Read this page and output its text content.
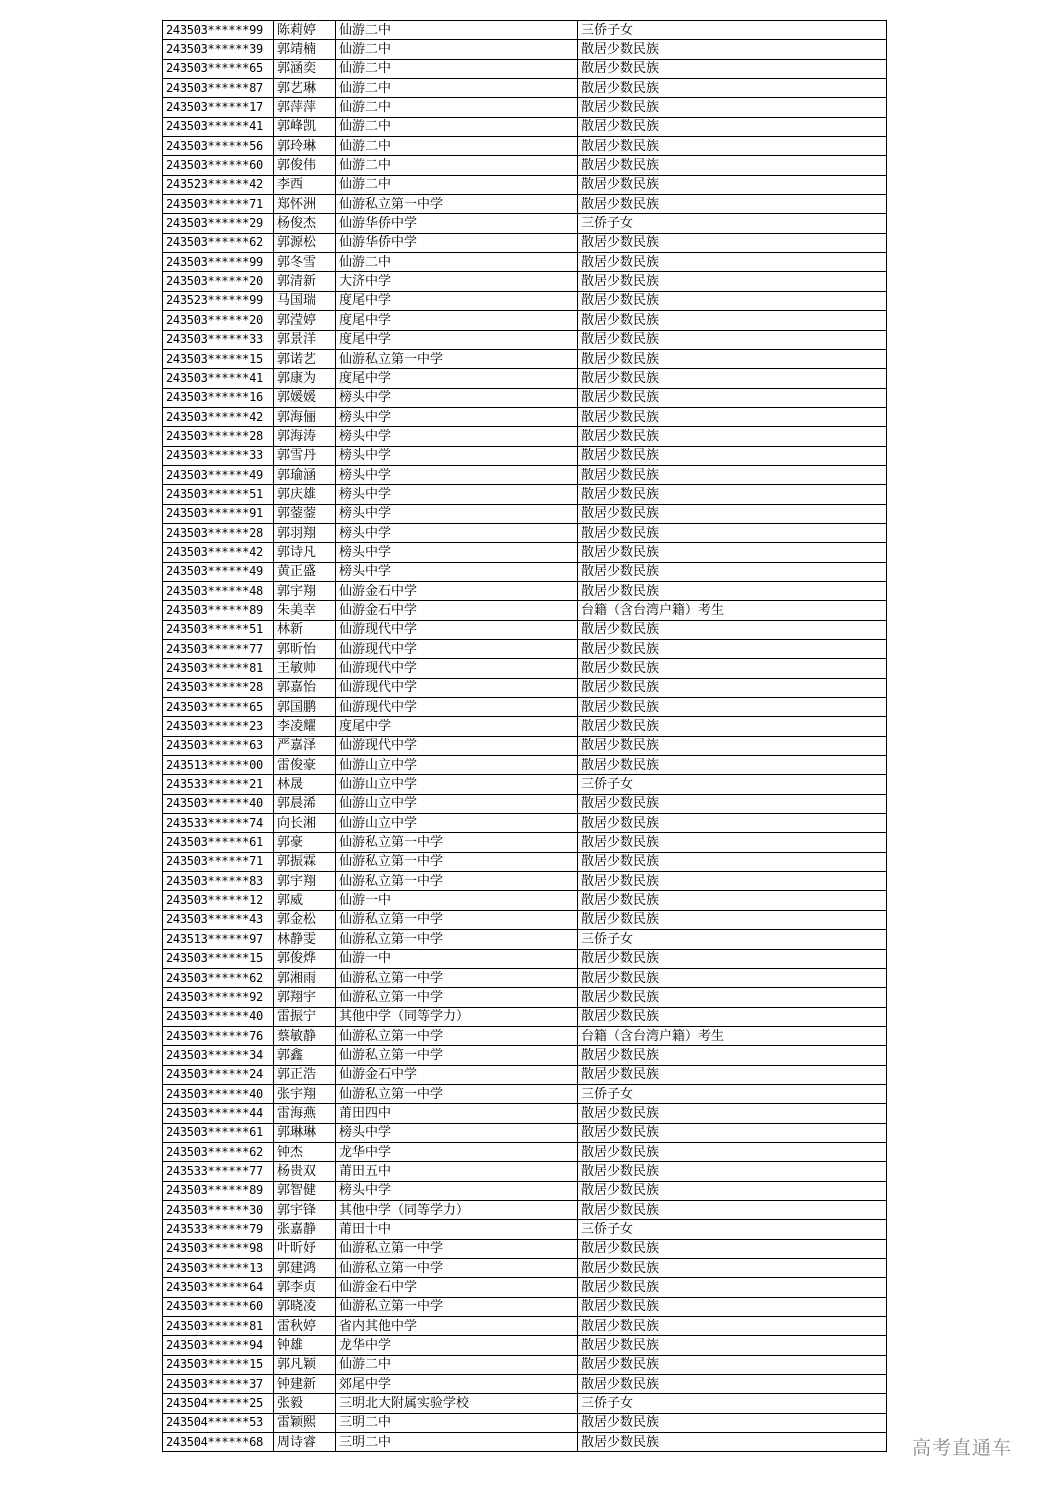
243503******99	陈莉婷	仙游二中	三侨子女
243503******39	郭靖楠	仙游二中	散居少数民族
243503******65	郭涵奕	仙游二中	散居少数民族
243503******87	郭艺琳	仙游二中	散居少数民族
243503******17	郭萍萍	仙游二中	散居少数民族
243503******41	郭峰凯	仙游二中	散居少数民族
243503******56	郭玲琳	仙游二中	散居少数民族
243503******60	郭俊伟	仙游二中	散居少数民族
243523******42	李西	仙游二中	散居少数民族
243503******71	郑怀洲	仙游私立第一中学	散居少数民族
243503******29	杨俊杰	仙游华侨中学	三侨子女
243503******62	郭源松	仙游华侨中学	散居少数民族
243503******99	郭冬雪	仙游二中	散居少数民族
243503******20	郭清新	大济中学	散居少数民族
243523******99	马国瑞	度尾中学	散居少数民族
243503******20	郭滢婷	度尾中学	散居少数民族
243503******33	郭景洋	度尾中学	散居少数民族
243503******15	郭诺艺	仙游私立第一中学	散居少数民族
243503******41	郭康为	度尾中学	散居少数民族
243503******16	郭媛媛	榜头中学	散居少数民族
243503******42	郭海俪	榜头中学	散居少数民族
243503******28	郭海涛	榜头中学	散居少数民族
243503******33	郭雪丹	榜头中学	散居少数民族
243503******49	郭瑜涵	榜头中学	散居少数民族
243503******51	郭庆雄	榜头中学	散居少数民族
243503******91	郭蓥蓥	榜头中学	散居少数民族
243503******28	郭羽翔	榜头中学	散居少数民族
243503******42	郭诗凡	榜头中学	散居少数民族
243503******49	黄正盛	榜头中学	散居少数民族
243503******48	郭宇翔	仙游金石中学	散居少数民族
243503******89	朱美幸	仙游金石中学	台籍（含台湾户籍）考生
243503******51	林新	仙游现代中学	散居少数民族
243503******77	郭昕怡	仙游现代中学	散居少数民族
243503******81	王敏帅	仙游现代中学	散居少数民族
243503******28	郭嘉怡	仙游现代中学	散居少数民族
243503******65	郭国鹏	仙游现代中学	散居少数民族
243503******23	李凌耀	度尾中学	散居少数民族
243503******63	严嘉泽	仙游现代中学	散居少数民族
243513******00	雷俊豪	仙游山立中学	散居少数民族
243533******21	林晟	仙游山立中学	三侨子女
243503******40	郭晨浠	仙游山立中学	散居少数民族
243533******74	向长湘	仙游山立中学	散居少数民族
243503******61	郭豪	仙游私立第一中学	散居少数民族
243503******71	郭振霖	仙游私立第一中学	散居少数民族
243503******83	郭宇翔	仙游私立第一中学	散居少数民族
243503******12	郭威	仙游一中	散居少数民族
243503******43	郭金松	仙游私立第一中学	散居少数民族
243513******97	林静雯	仙游私立第一中学	三侨子女
243503******15	郭俊烨	仙游一中	散居少数民族
243503******62	郭湘雨	仙游私立第一中学	散居少数民族
243503******92	郭翔宇	仙游私立第一中学	散居少数民族
243503******40	雷振宁	其他中学（同等学力）	散居少数民族
243503******76	蔡敏静	仙游私立第一中学	台籍（含台湾户籍）考生
243503******34	郭鑫	仙游私立第一中学	散居少数民族
243503******24	郭正浩	仙游金石中学	散居少数民族
243503******40	张宇翔	仙游私立第一中学	三侨子女
243503******44	雷海燕	莆田四中	散居少数民族
243503******61	郭琳琳	榜头中学	散居少数民族
243503******62	钟杰	龙华中学	散居少数民族
243533******77	杨贵双	莆田五中	散居少数民族
243503******89	郭智健	榜头中学	散居少数民族
243503******30	郭宇锋	其他中学（同等学力）	散居少数民族
243533******79	张嘉静	莆田十中	三侨子女
243503******98	叶昕妤	仙游私立第一中学	散居少数民族
243503******13	郭建鸿	仙游私立第一中学	散居少数民族
243503******64	郭李贞	仙游金石中学	散居少数民族
243503******60	郭晓凌	仙游私立第一中学	散居少数民族
243503******81	雷秋婷	省内其他中学	散居少数民族
243503******94	钟雄	龙华中学	散居少数民族
243503******15	郭凡颖	仙游二中	散居少数民族
243503******37	钟建新	郊尾中学	散居少数民族
243504******25	张毅	三明北大附属实验学校	三侨子女
243504******53	雷颖熙	三明二中	散居少数民族
243504******68	周诗睿	三明二中	散居少数民族	高考直通车
